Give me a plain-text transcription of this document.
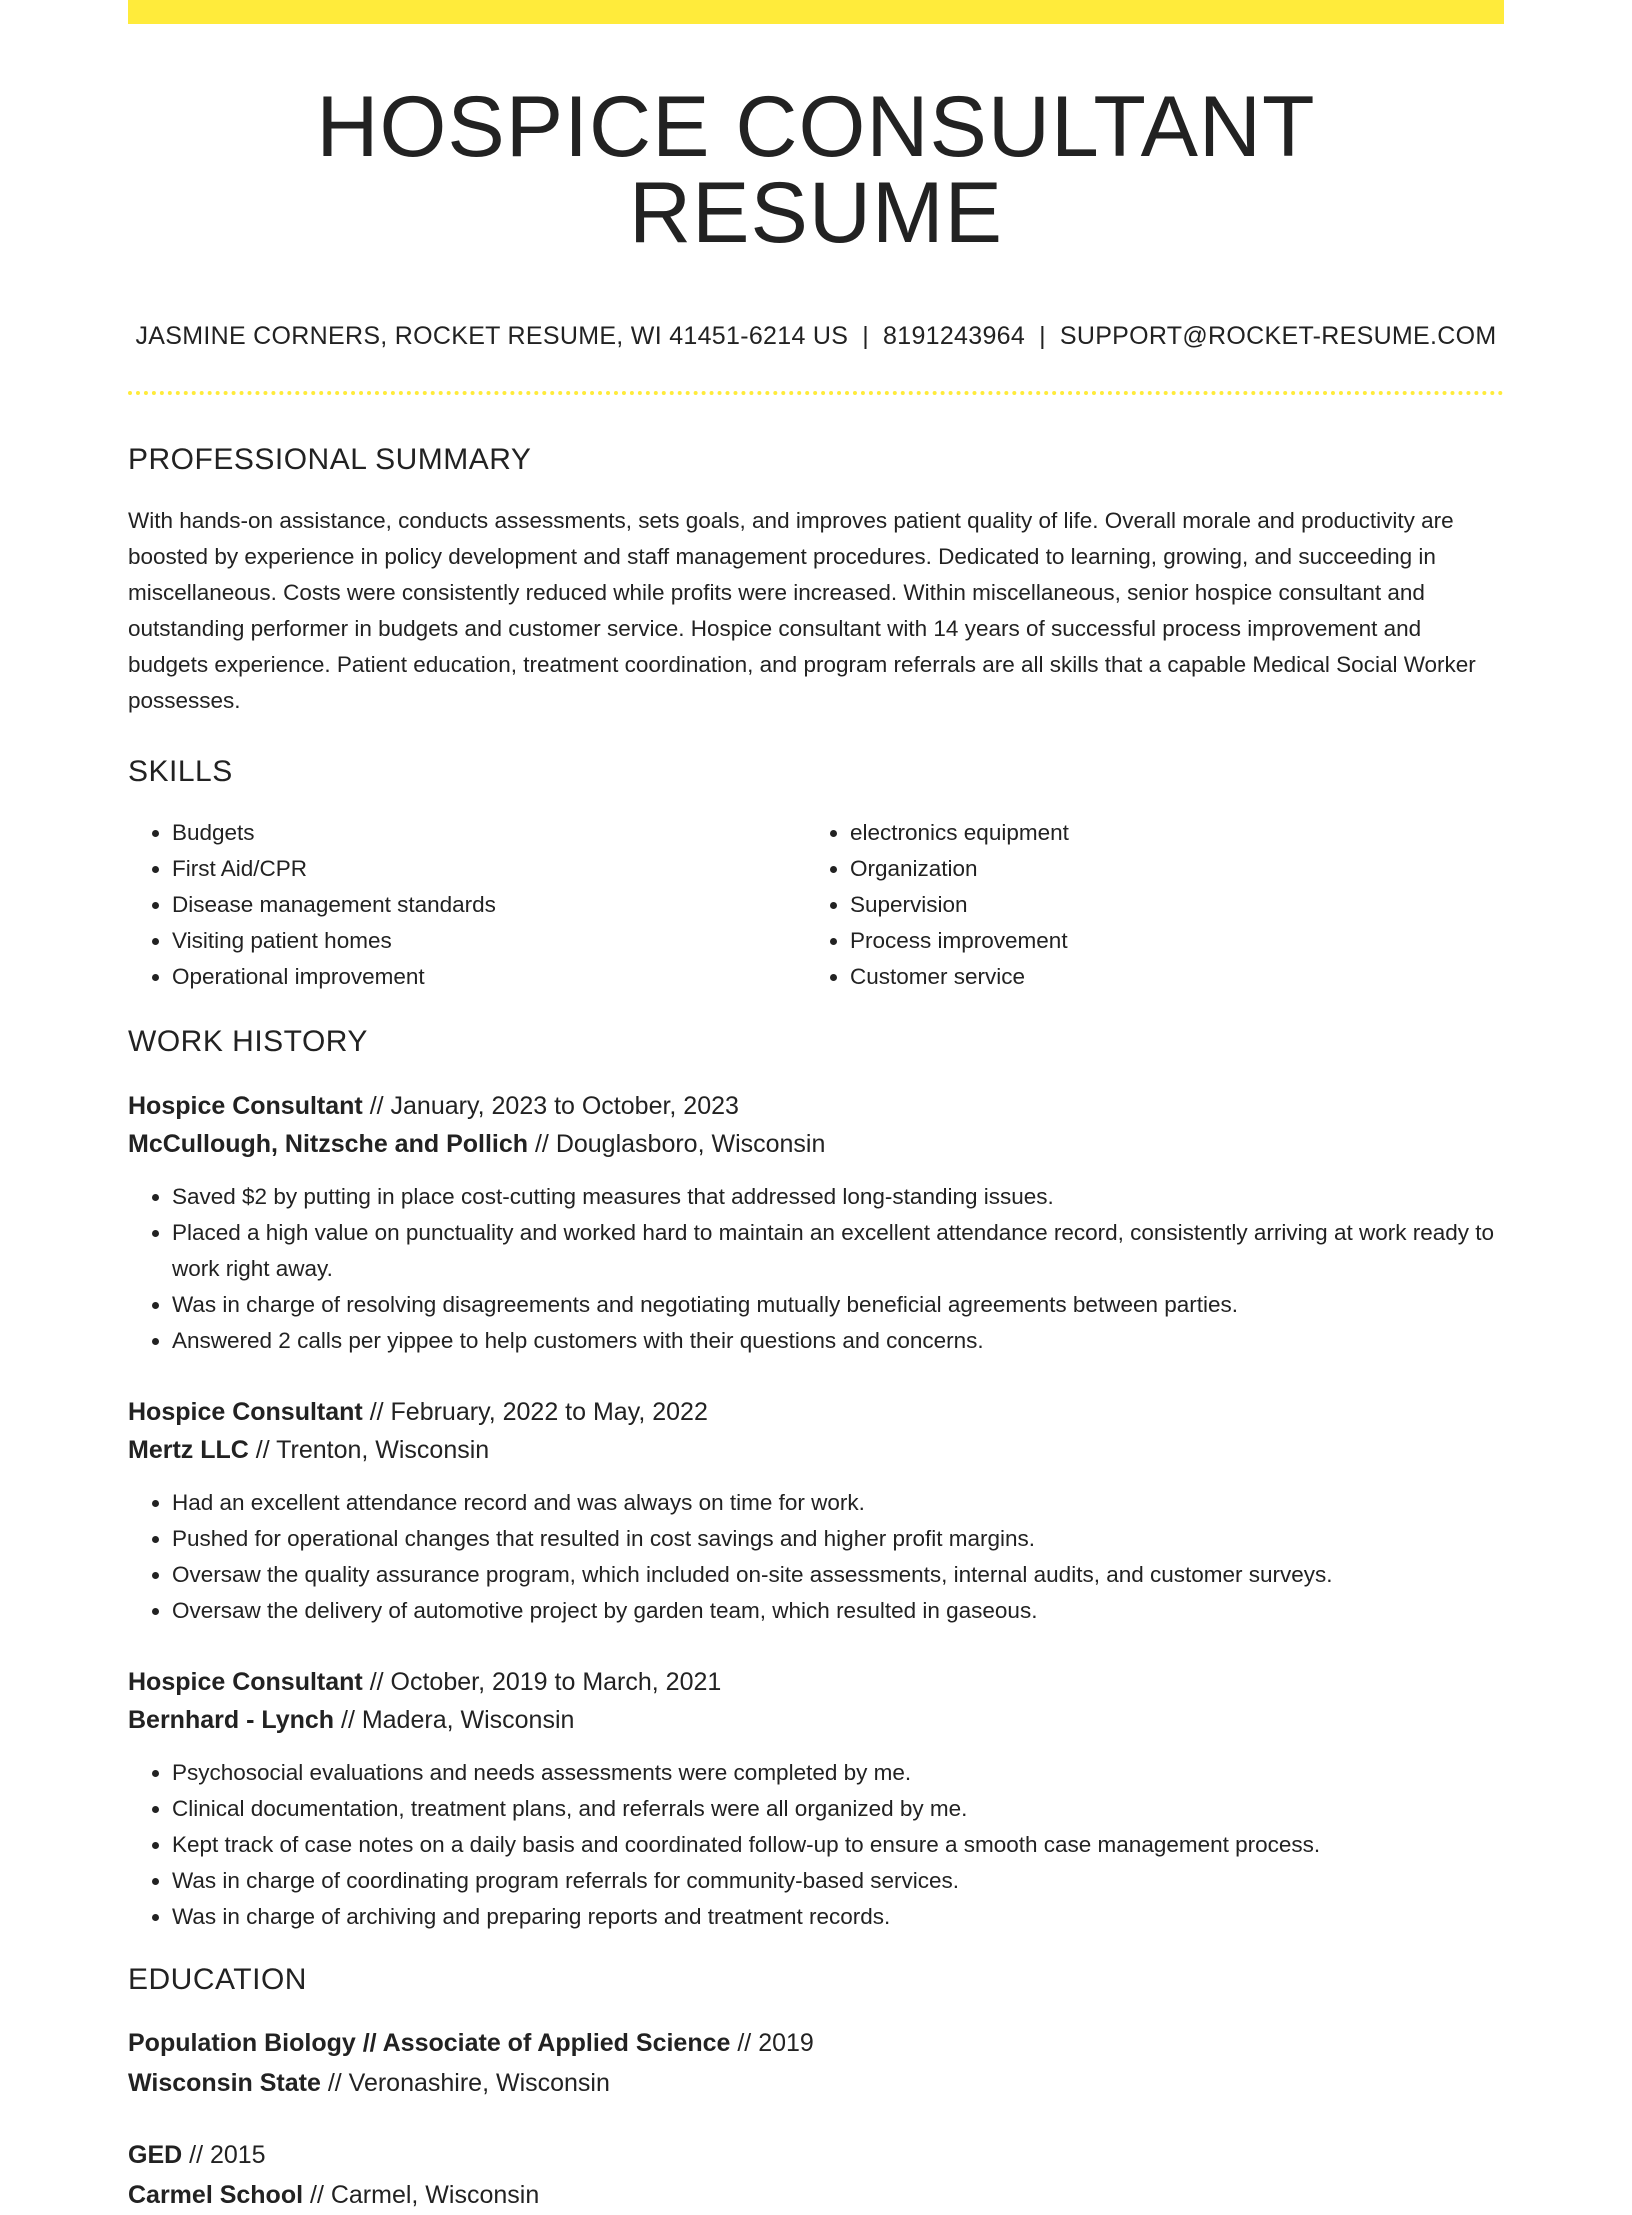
HOSPICE CONSULTANT RESUME
JASMINE CORNERS, ROCKET RESUME, WI 41451-6214 US | 8191243964 | SUPPORT@ROCKET-RESUME.COM
PROFESSIONAL SUMMARY
With hands-on assistance, conducts assessments, sets goals, and improves patient quality of life. Overall morale and productivity are boosted by experience in policy development and staff management procedures. Dedicated to learning, growing, and succeeding in miscellaneous. Costs were consistently reduced while profits were increased. Within miscellaneous, senior hospice consultant and outstanding performer in budgets and customer service. Hospice consultant with 14 years of successful process improvement and budgets experience. Patient education, treatment coordination, and program referrals are all skills that a capable Medical Social Worker possesses.
SKILLS
• Budgets
• First Aid/CPR
• Disease management standards
• Visiting patient homes
• Operational improvement
• electronics equipment
• Organization
• Supervision
• Process improvement
• Customer service
WORK HISTORY
Hospice Consultant // January, 2023 to October, 2023
McCullough, Nitzsche and Pollich // Douglasboro, Wisconsin
• Saved $2 by putting in place cost-cutting measures that addressed long-standing issues.
• Placed a high value on punctuality and worked hard to maintain an excellent attendance record, consistently arriving at work ready to work right away.
• Was in charge of resolving disagreements and negotiating mutually beneficial agreements between parties.
• Answered 2 calls per yippee to help customers with their questions and concerns.
Hospice Consultant // February, 2022 to May, 2022
Mertz LLC // Trenton, Wisconsin
• Had an excellent attendance record and was always on time for work.
• Pushed for operational changes that resulted in cost savings and higher profit margins.
• Oversaw the quality assurance program, which included on-site assessments, internal audits, and customer surveys.
• Oversaw the delivery of automotive project by garden team, which resulted in gaseous.
Hospice Consultant // October, 2019 to March, 2021
Bernhard - Lynch // Madera, Wisconsin
• Psychosocial evaluations and needs assessments were completed by me.
• Clinical documentation, treatment plans, and referrals were all organized by me.
• Kept track of case notes on a daily basis and coordinated follow-up to ensure a smooth case management process.
• Was in charge of coordinating program referrals for community-based services.
• Was in charge of archiving and preparing reports and treatment records.
EDUCATION
Population Biology // Associate of Applied Science // 2019
Wisconsin State // Veronashire, Wisconsin
GED // 2015
Carmel School // Carmel, Wisconsin
